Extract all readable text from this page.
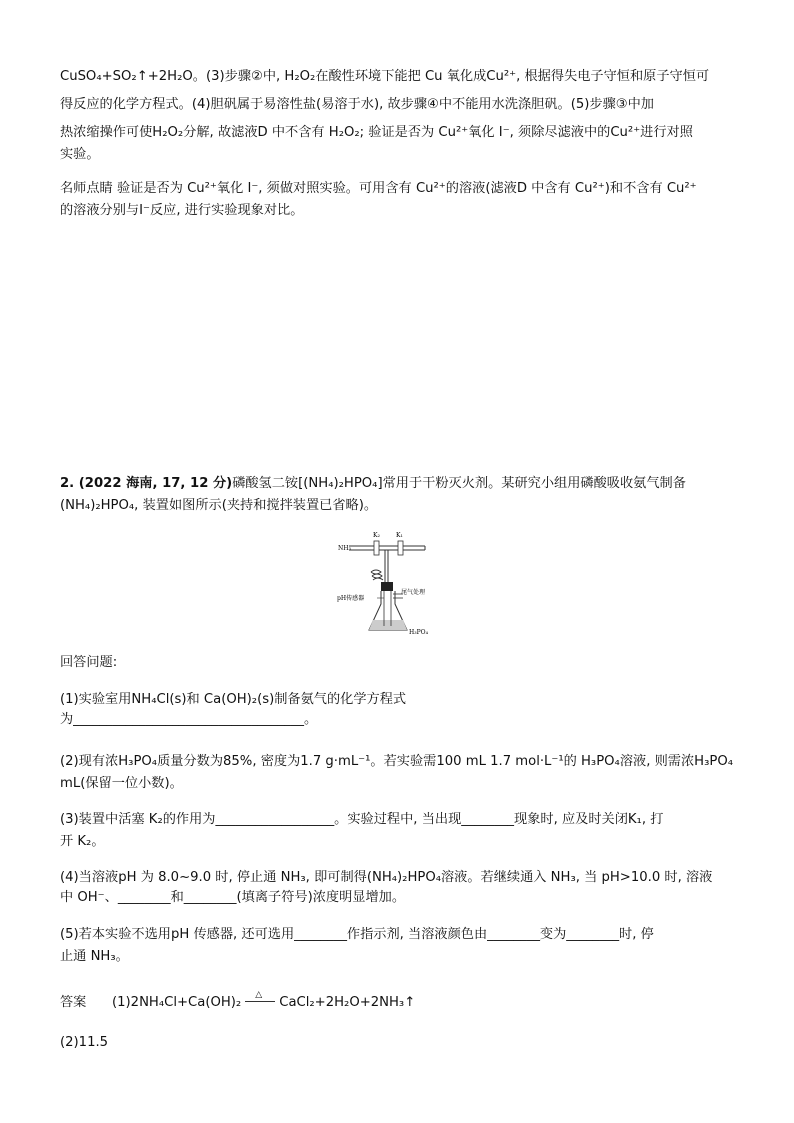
CuSO₄+SO₂↑+2H₂O。(3)步骤②中, H₂O₂在酸性环境下能把 Cu 氧化成Cu²⁺, 根据得失电子守恒和原子守恒可
得反应的化学方程式。(4)胆矾属于易溶性盐(易溶于水), 故步骤④中不能用水洗涤胆矾。(5)步骤③中加
热浓缩操作可使H₂O₂分解, 故滤液D 中不含有 H₂O₂; 验证是否为 Cu²⁺氧化 I⁻, 须除尽滤液中的Cu²⁺进行对照
实验。
名师点睛 验证是否为 Cu²⁺氧化 I⁻, 须做对照实验。可用含有 Cu²⁺的溶液(滤液D 中含有 Cu²⁺)和不含有 Cu²⁺
的溶液分别与I⁻反应, 进行实验现象对比。
2. (2022 海南, 17, 12 分)磷酸氢二铵[(NH₄)₂HPO₄]常用于干粉灭火剂。某研究小组用磷酸吸收氨气制备
(NH₄)₂HPO₄, 装置如图所示(夹持和搅拌装置已省略)。
K₂	K₁
NH₃
pH传感器
尾气处理
H₃PO₄
回答问题:
(1)实验室用NH₄Cl(s)和 Ca(OH)₂(s)制备氨气的化学方程式
为___________________________________。
(2)现有浓H₃PO₄质量分数为85%, 密度为1.7 g·mL⁻¹。若实验需100 mL 1.7 mol·L⁻¹的 H₃PO₄溶液, 则需浓H₃PO₄
mL(保留一位小数)。
(3)装置中活塞 K₂的作用为__________________。实验过程中, 当出现________现象时, 应及时关闭K₁, 打
开 K₂。
(4)当溶液pH 为 8.0~9.0 时, 停止通 NH₃, 即可制得(NH₄)₂HPO₄溶液。若继续通入 NH₃, 当 pH>10.0 时, 溶液
中 OH⁻、________和________(填离子符号)浓度明显增加。
(5)若本实验不选用pH 传感器, 还可选用________作指示剂, 当溶液颜色由________变为________时, 停
止通 NH₃。
答案 (1)2NH₄Cl+Ca(OH)₂ △ CaCl₂+2H₂O+2NH₃↑
(2)11.5
